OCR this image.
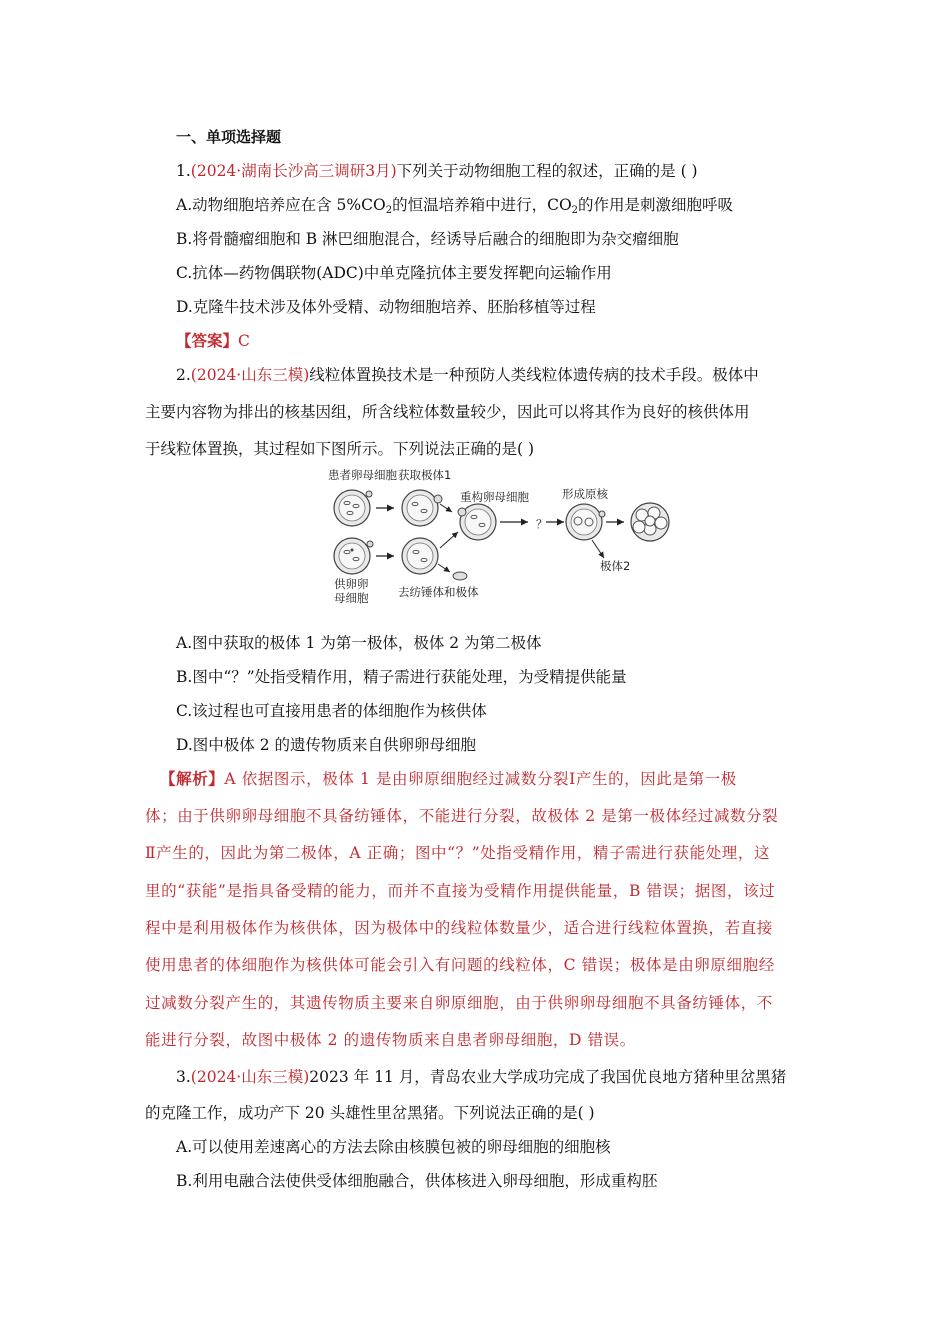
一、单项选择题
1.(2024·湖南长沙高三调研3月)下列关于动物细胞工程的叙述，正确的是 ( )
A.动物细胞培养应在含 $5\%CO_2$的恒温培养箱中进行，$CO_2$的作用是刺激细胞呼吸
B.将骨髓瘤细胞和 B 淋巴细胞混合，经诱导后融合的细胞即为杂交瘤细胞
C.抗体—药物偶联物(ADC)中单克隆抗体主要发挥靶向运输作用
D.克隆牛技术涉及体外受精、动物细胞培养、胚胎移植等过程
【答案】C
2.(2024·山东三模)线粒体置换技术是一种预防人类线粒体遗传病的技术手段。极体中
主要内容物为排出的核基因组，所含线粒体数量较少，因此可以将其作为良好的核供体用
于线粒体置换，其过程如下图所示。下列说法正确的是( )
患者卵母细胞 获取极体1
重构卵母细胞	形成原核
？
极体2
供卵卵
母细胞	去纺锤体和极体
A.图中获取的极体 1 为第一极体，极体 2 为第二极体
B.图中“？”处指受精作用，精子需进行获能处理，为受精提供能量
C.该过程也可直接用患者的体细胞作为核供体
D.图中极体 2 的遗传物质来自供卵卵母细胞
【解析】A 依据图示，极体 1 是由卵原细胞经过减数分裂Ⅰ产生的，因此是第一极
体；由于供卵卵母细胞不具备纺锤体，不能进行分裂，故极体 2 是第一极体经过减数分裂
Ⅱ产生的，因此为第二极体，A 正确；图中“？”处指受精作用，精子需进行获能处理，这
里的“获能”是指具备受精的能力，而并不直接为受精作用提供能量，B 错误；据图，该过
程中是利用极体作为核供体，因为极体中的线粒体数量少，适合进行线粒体置换，若直接
使用患者的体细胞作为核供体可能会引入有问题的线粒体，C 错误；极体是由卵原细胞经
过减数分裂产生的，其遗传物质主要来自卵原细胞，由于供卵卵母细胞不具备纺锤体，不
能进行分裂，故图中极体 2 的遗传物质来自患者卵母细胞，D 错误。
3.(2024·山东三模)2023 年 11 月，青岛农业大学成功完成了我国优良地方猪种里岔黑猪
的克隆工作，成功产下 20 头雄性里岔黑猪。下列说法正确的是( )
A.可以使用差速离心的方法去除由核膜包被的卵母细胞的细胞核
B.利用电融合法使供受体细胞融合，供体核进入卵母细胞，形成重构胚
